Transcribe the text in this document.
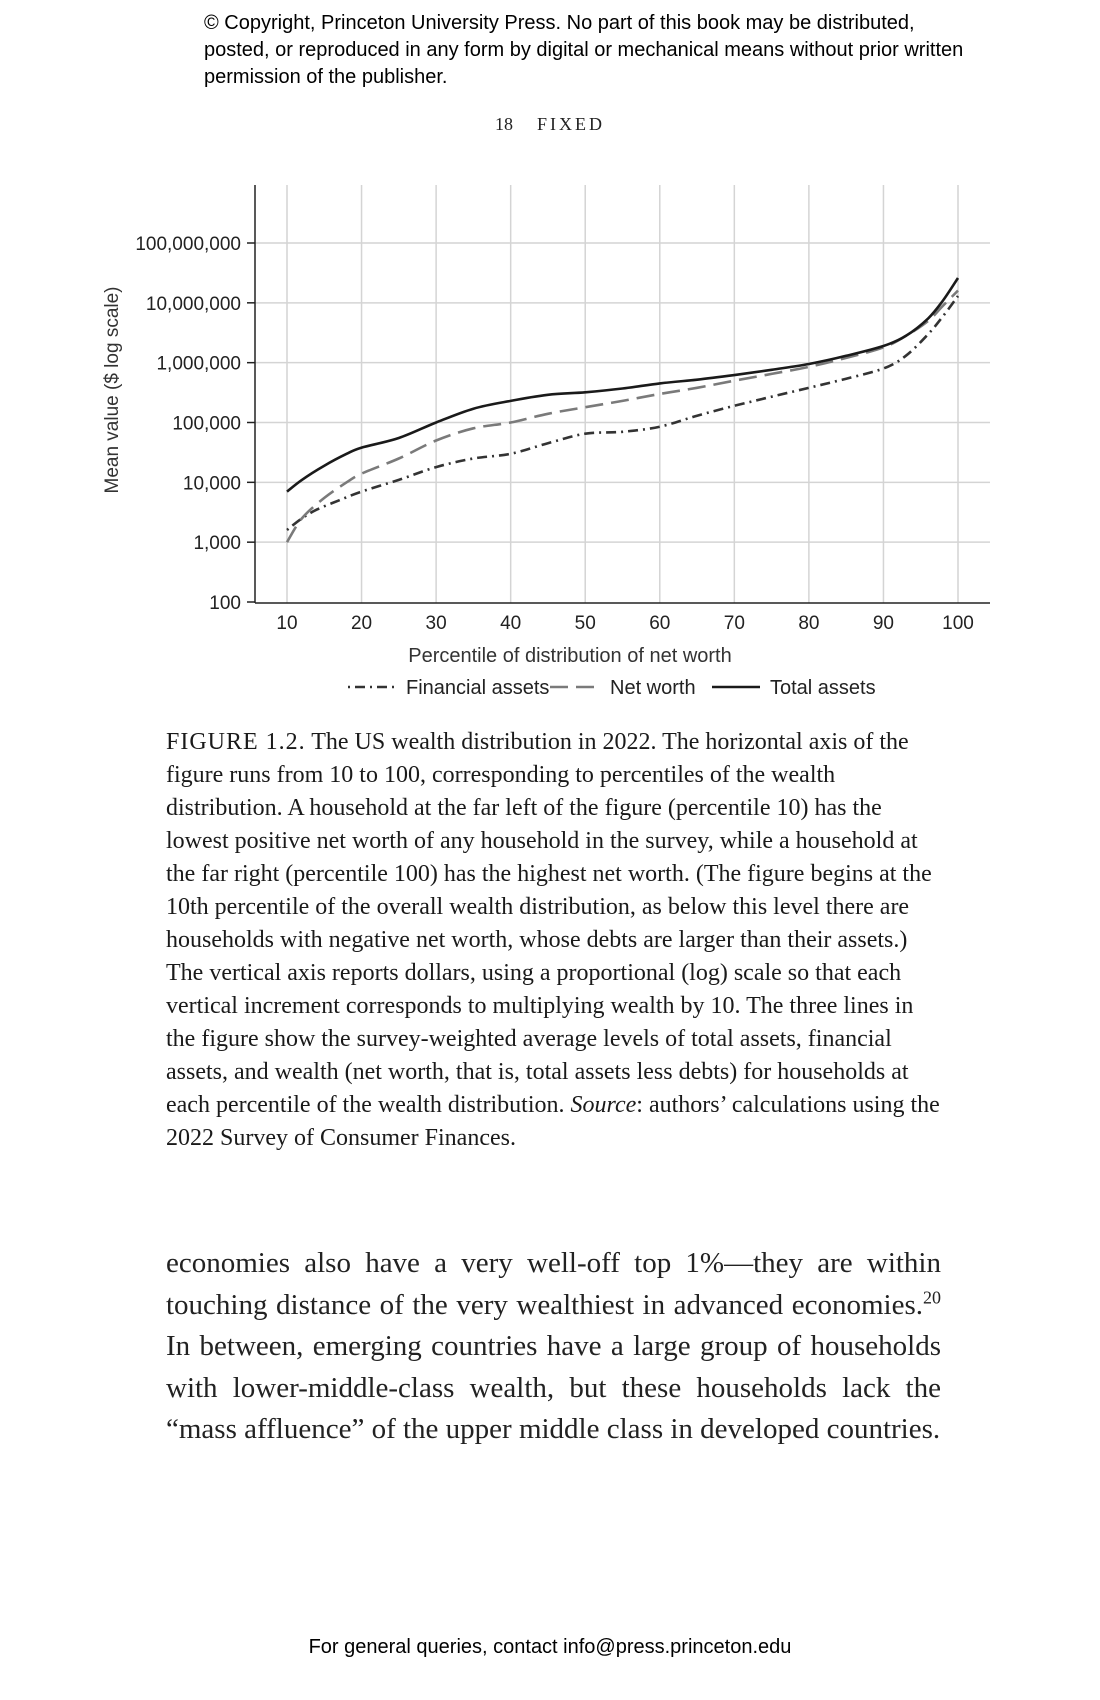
© Copyright, Princeton University Press. No part of this book may be distributed, posted, or reproduced in any form by digital or mechanical means without prior written permission of the publisher.
18 FIXED
100
1,000
10,000
100,000
1,000,000
10,000,000
100,000,000
10	20	30	40	50	60	70	80	90	100
Percentile of distribution of net worth
Mean value ($ log scale)
Financial assets	Net worth	Total assets
FIGURE 1.2. The US wealth distribution in 2022. The horizontal axis of the figure runs from 10 to 100, corresponding to percentiles of the wealth distribution. A household at the far left of the figure (percentile 10) has the lowest positive net worth of any household in the survey, while a household at the far right (percentile 100) has the highest net worth. (The figure begins at the 10th percentile of the overall wealth distribution, as below this level there are households with negative net worth, whose debts are larger than their assets.) The vertical axis reports dollars, using a proportional (log) scale so that each vertical increment corresponds to multiplying wealth by 10. The three lines in the figure show the survey-weighted average levels of total assets, financial assets, and wealth (net worth, that is, total assets less debts) for households at each percentile of the wealth distribution. Source: authors’ calculations using the 2022 Survey of Consumer Finances.
economies also have a very well-off top 1%—they are within touching distance of the very wealthiest in advanced economies.$^{20}$ In between, emerging countries have a large group of households with lower-middle-class wealth, but these households lack the “mass affluence” of the upper middle class in developed countries.
For general queries, contact info@press.princeton.edu
